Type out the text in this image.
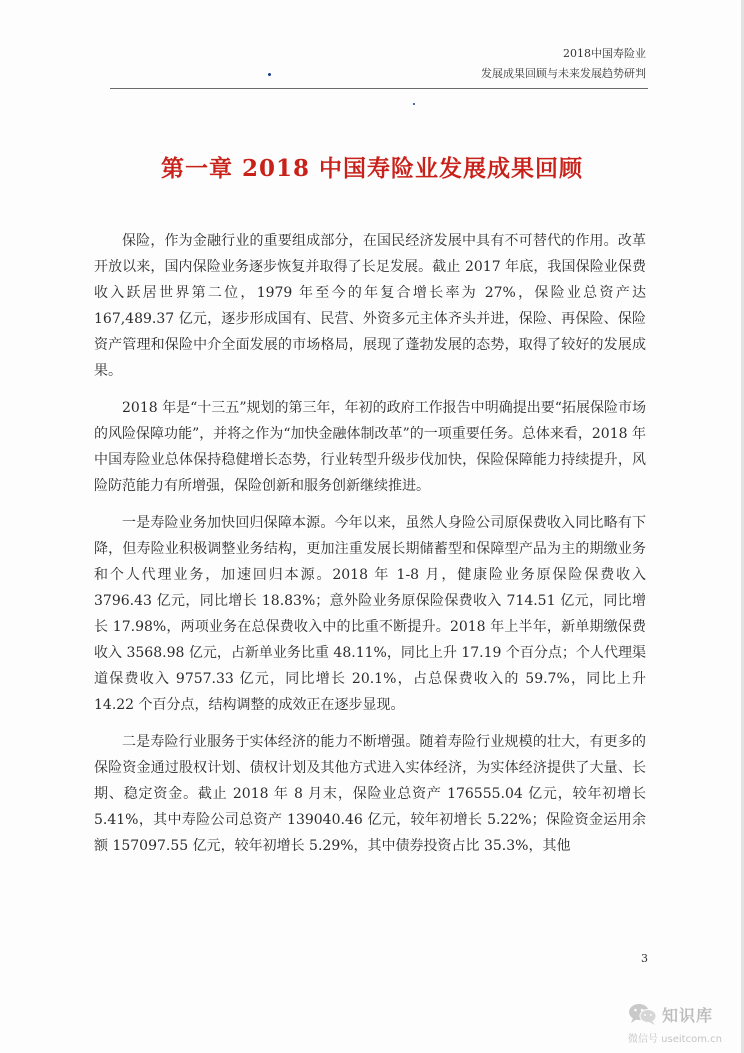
2018中国寿险业
发展成果回顾与未来发展趋势研判
第一章 2018 中国寿险业发展成果回顾

保险，作为金融行业的重要组成部分，在国民经济发展中具有不可替代的作用。改革开放以来，国内保险业务逐步恢复并取得了长足发展。截止 2017 年底，我国保险业保费收入跃居世界第二位，1979 年至今的年复合增长率为 27%，保险业总资产达 167,489.37 亿元，逐步形成国有、民营、外资多元主体齐头并进，保险、再保险、保险资产管理和保险中介全面发展的市场格局，展现了蓬勃发展的态势，取得了较好的发展成果。

2018 年是“十三五”规划的第三年，年初的政府工作报告中明确提出要“拓展保险市场的风险保障功能”，并将之作为“加快金融体制改革”的一项重要任务。总体来看，2018 年中国寿险业总体保持稳健增长态势，行业转型升级步伐加快，保险保障能力持续提升，风险防范能力有所增强，保险创新和服务创新继续推进。

一是寿险业务加快回归保障本源。今年以来，虽然人身险公司原保费收入同比略有下降，但寿险业积极调整业务结构，更加注重发展长期储蓄型和保障型产品为主的期缴业务和个人代理业务，加速回归本源。2018 年 1-8 月，健康险业务原保险保费收入 3796.43 亿元，同比增长 18.83%；意外险业务原保险保费收入 714.51 亿元，同比增长 17.98%，两项业务在总保费收入中的比重不断提升。2018 年上半年，新单期缴保费收入 3568.98 亿元，占新单业务比重 48.11%，同比上升 17.19 个百分点；个人代理渠道保费收入 9757.33 亿元，同比增长 20.1%，占总保费收入的 59.7%，同比上升 14.22 个百分点，结构调整的成效正在逐步显现。

二是寿险行业服务于实体经济的能力不断增强。随着寿险行业规模的壮大，有更多的保险资金通过股权计划、债权计划及其他方式进入实体经济，为实体经济提供了大量、长期、稳定资金。截止 2018 年 8 月末，保险业总资产 176555.04 亿元，较年初增长 5.41%，其中寿险公司总资产 139040.46 亿元，较年初增长 5.22%；保险资金运用余额 157097.55 亿元，较年初增长 5.29%，其中债券投资占比 35.3%，其他

3
知识库
微信号 useitcom.cn
